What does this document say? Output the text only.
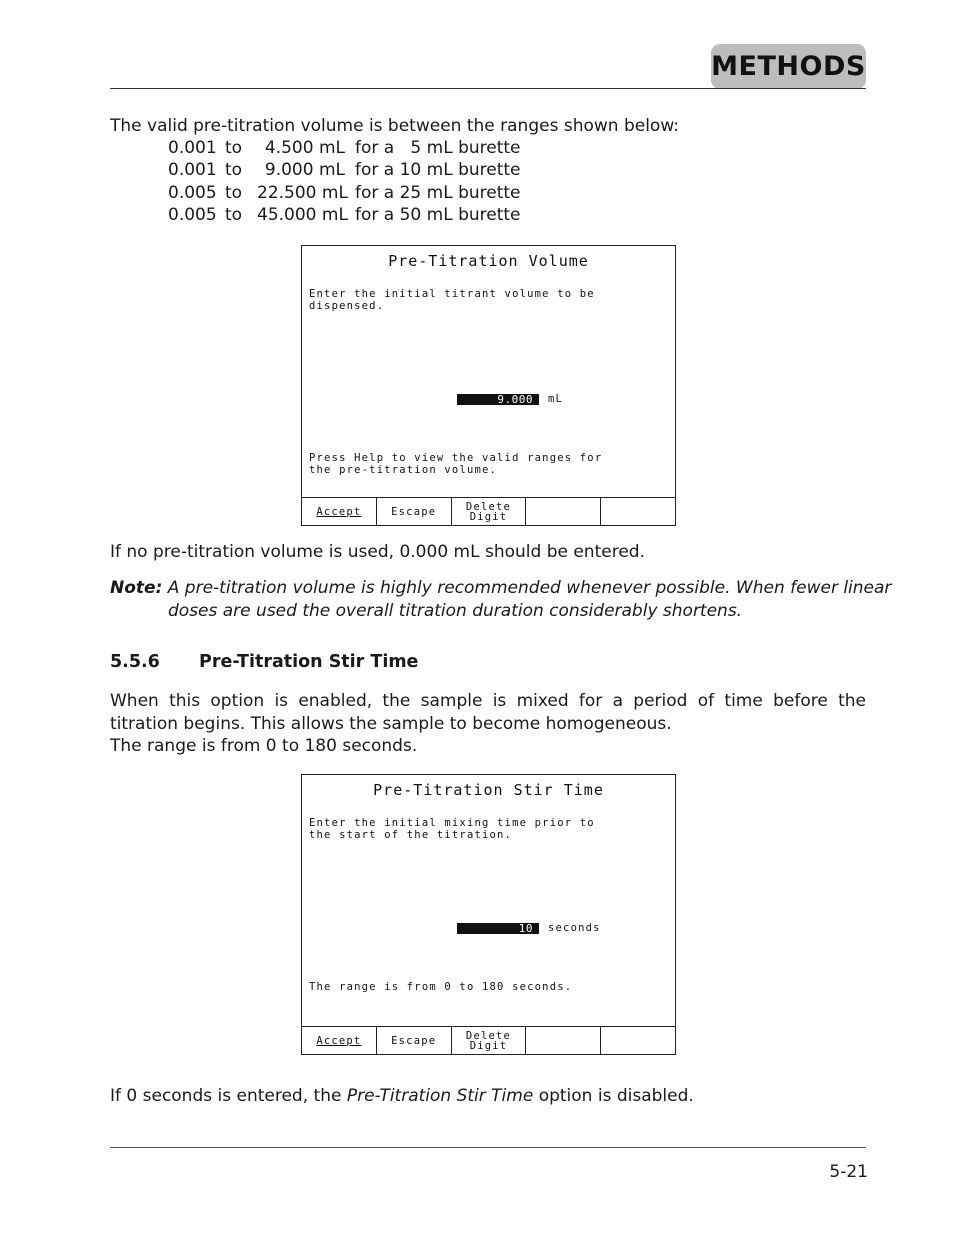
METHODS
The valid pre-titration volume is between the ranges shown below:
0.001 to	4.500 mL for a   5 mL burette
0.001 to	9.000 mL for a 10 mL burette
0.005 to 22.500 mL for a 25 mL burette
0.005 to 45.000 mL for a 50 mL burette
Pre-Titration Volume
Enter the initial titrant volume to be
dispensed.
9.000	mL
Press Help to view the valid ranges for
the pre-titration volume.
Accept	Escape	Delete
Digit
If no pre-titration volume is used, 0.000 mL should be entered.
Note: A pre-titration volume is highly recommended whenever possible. When fewer linear
doses are used the overall titration duration considerably shortens.
5.5.6 Pre-Titration Stir Time
When this option is enabled, the sample is mixed for a period of time before the titration begins. This allows the sample to become homogeneous.
The range is from 0 to 180 seconds.
Pre-Titration Stir Time
Enter the initial mixing time prior to
the start of the titration.
10	seconds
The range is from 0 to 180 seconds.
Accept	Escape	Delete
Digit
If 0 seconds is entered, the Pre-Titration Stir Time option is disabled.
5-21
